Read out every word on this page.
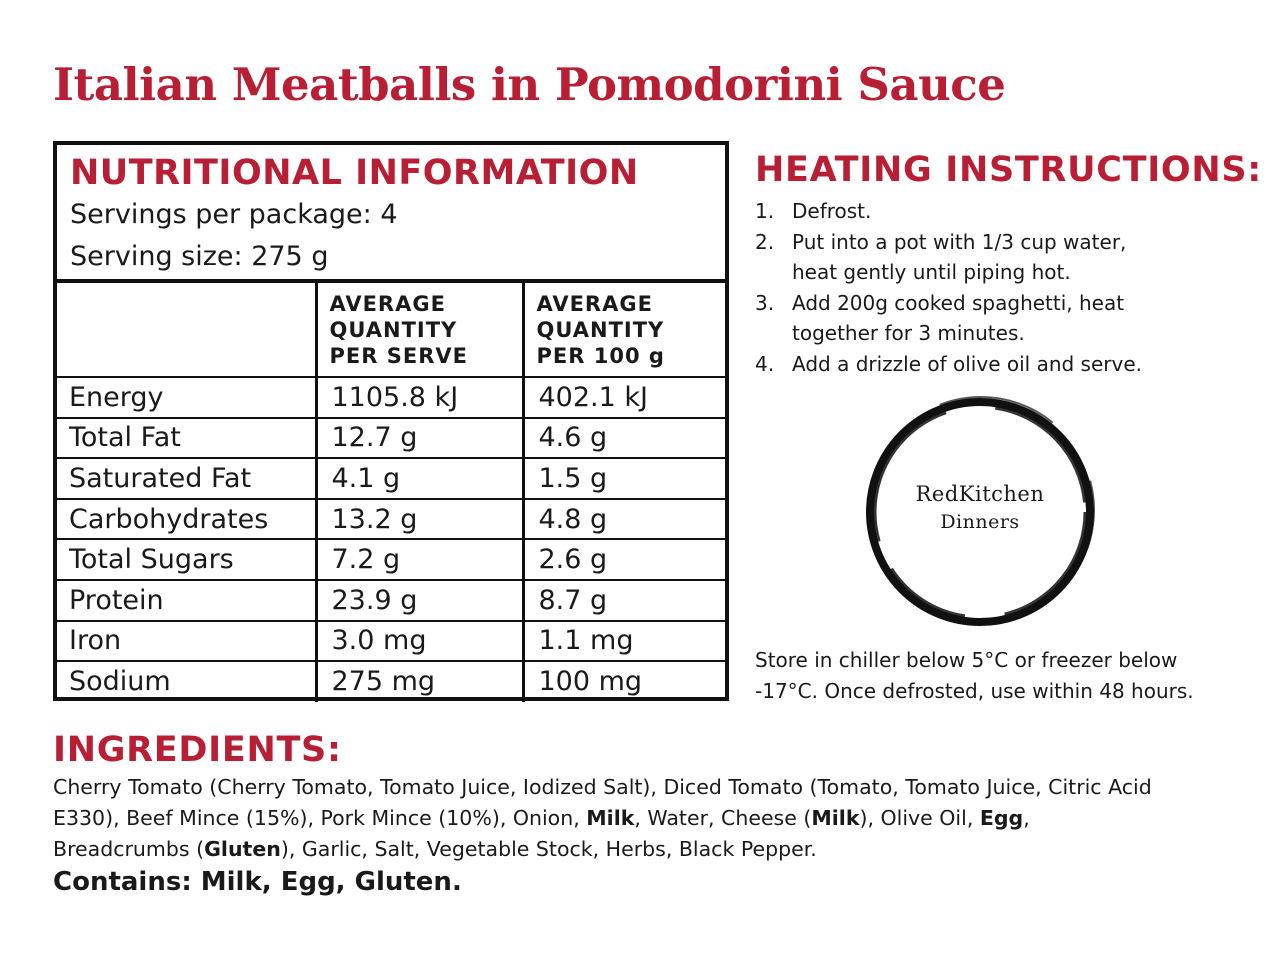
Italian Meatballs in Pomodorini Sauce
NUTRITIONAL INFORMATION
Servings per package: 4
Serving size: 275 g

	AVERAGE
QUANTITY
PER SERVE	AVERAGE
QUANTITY
PER 100 g

Energy	1105.8 kJ	402.1 kJ
Total Fat	12.7 g	4.6 g
Saturated Fat	4.1 g	1.5 g
Carbohydrates	13.2 g	4.8 g
Total Sugars	7.2 g	2.6 g
Protein	23.9 g	8.7 g
Iron	3.0 mg	1.1 mg
Sodium	275 mg	100 mg
HEATING INSTRUCTIONS:
1. Defrost.
2. Put into a pot with 1/3 cup water,
heat gently until piping hot.
3. Add 200g cooked spaghetti, heat
together for 3 minutes.
4. Add a drizzle of olive oil and serve.
RedKitchen
Dinners
Store in chiller below 5°C or freezer below
-17°C. Once defrosted, use within 48 hours.
INGREDIENTS:
Cherry Tomato (Cherry Tomato, Tomato Juice, Iodized Salt), Diced Tomato (Tomato, Tomato Juice, Citric Acid
E330), Beef Mince (15%), Pork Mince (10%), Onion, Milk, Water, Cheese (Milk), Olive Oil, Egg,
Breadcrumbs (Gluten), Garlic, Salt, Vegetable Stock, Herbs, Black Pepper.
Contains: Milk, Egg, Gluten.
